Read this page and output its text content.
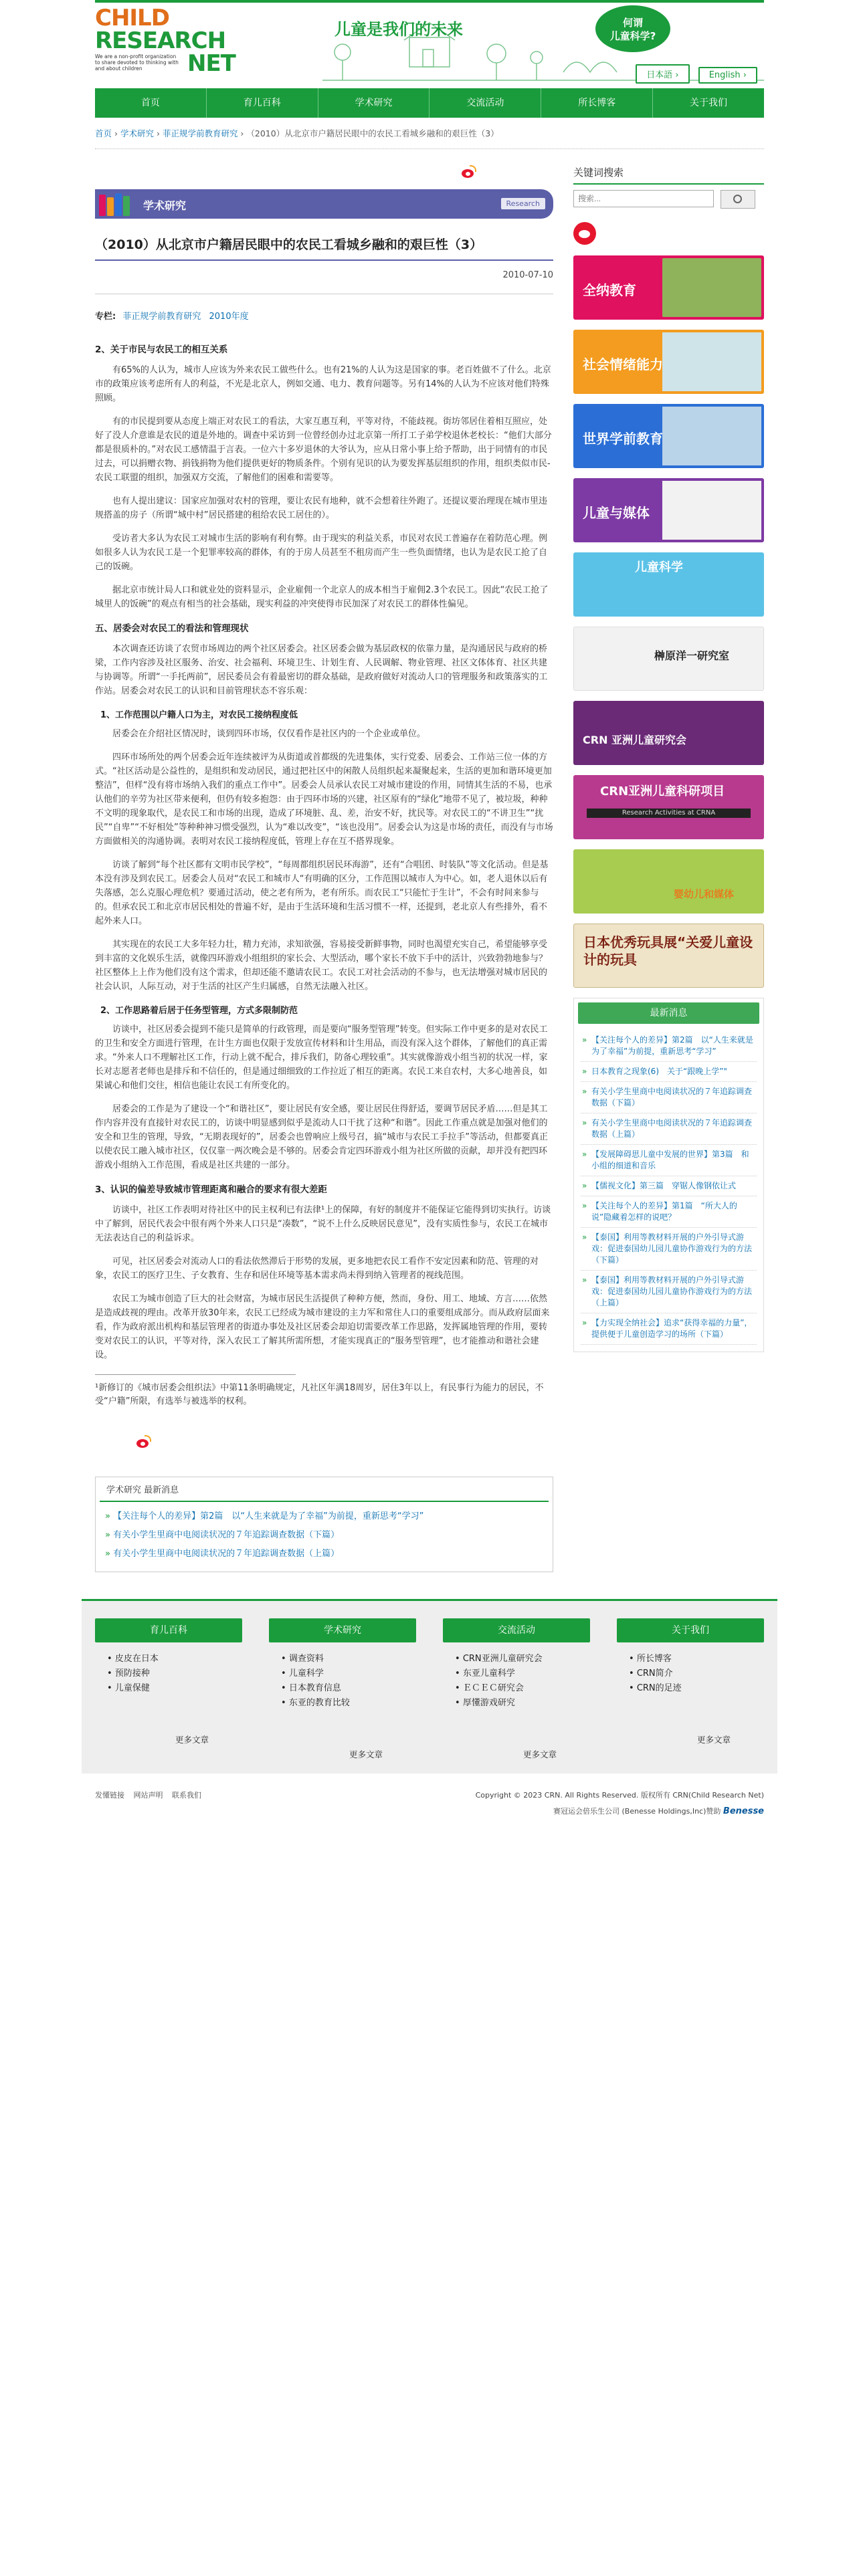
CHILD
RESEARCH
NET
We are a non-profit organization to share devoted to thinking with and about children
儿童是我们的未来	何谓
儿童科学?
日本語 ›	English ›
首页	育儿百科	学术研究	交流活动	所长博客	关于我们
首页 › 学术研究 › 菲正规学前教育研究 › （2010）从北京市户籍居民眼中的农民工看城乡融和的艰巨性（3）
学术研究	Research
（2010）从北京市户籍居民眼中的农民工看城乡融和的艰巨性（3）
2010-07-10
专栏: 菲正规学前教育研究 2010年度
2、关于市民与农民工的相互关系

有65%的人认为，城市人应该为外来农民工做些什么。也有21%的人认为这是国家的事。老百姓做不了什么。北京市的政策应该考虑所有人的利益，不光是北京人，例如交通、电力、教育问题等。另有14%的人认为不应该对他们特殊照顾。

有的市民提到要从态度上端正对农民工的看法，大家互惠互利，平等对待，不能歧视。街坊邻居住着相互照应，处好了没人介意谁是农民的道是外地的。调查中采访到一位曾经创办过北京第一所打工子弟学校退休老校长：“他们大部分都是很质朴的。”对农民工感情温于言表。一位六十多岁退休的大爷认为，应从日常小事上给予帮助，出于同情有的市民过去，可以捐赠衣物、捐钱捐物为他们提供更好的物质条件。个别有见识的认为要发挥基层组织的作用，组织类似市民-农民工联盟的组织，加强双方交流，了解他们的困难和需要等。

也有人提出建议：国家应加强对农村的管理，要让农民有地种，就不会想着往外跑了。还提议要治理现在城市里违规搭盖的房子（所谓“城中村”居民搭建的租给农民工居住的）。

受访者大多认为农民工对城市生活的影响有利有弊。由于现实的利益关系，市民对农民工普遍存在着防范心理。例如很多人认为农民工是一个犯罪率较高的群体，有的于房人员甚至不租房而产生一些负面情绪，也认为是农民工抢了自己的饭碗。

据北京市统计局人口和就业处的资料显示，企业雇佣一个北京人的成本相当于雇佣2.3个农民工。因此“农民工抢了城里人的饭碗”的观点有相当的社会基础，现实利益的冲突使得市民加深了对农民工的群体性偏见。

五、居委会对农民工的看法和管理现状

本次调查还访谈了农贸市场周边的两个社区居委会。社区居委会做为基层政权的依靠力量，是沟通居民与政府的桥梁，工作内容涉及社区服务、治安、社会福利、环境卫生、计划生育、人民调解、物业管理、社区文体体育、社区共建与协调等。所谓“一手托两前”，居民委员会有着最密切的群众基础，是政府做好对流动人口的管理服务和政策落实的工作站。居委会对农民工的认识和目前管理状态不容乐观：

1、工作范围以户籍人口为主，对农民工接纳程度低

居委会在介绍社区情况时，谈到四环市场，仅仅看作是社区内的一个企业或单位。

四环市场所处的两个居委会近年连续被评为从街道或首都级的先进集体，实行党委、居委会、工作站三位一体的方式。“社区活动是公益性的，是组织和发动居民，通过把社区中的闲散人员组织起来凝聚起来，生活的更加和谐环境更加整洁”，但样“没有将市场纳入我们的重点工作中”。居委会人员承认农民工对城市建设的作用，同情其生活的不易，也承认他们的辛劳为社区带来便利，但仍有较多抱怨：由于四环市场的兴建，社区原有的“绿化”地带不见了，被垃圾，种种不文明的现象取代，是农民工和市场的出现，造成了环境脏、乱、差，治安不好，扰民等。对农民工的“不讲卫生”“扰民”“自卑”“不好相处”等种种神习惯受强烈，认为“难以改变”，“该也没用”。居委会认为这是市场的责任，而没有与市场方面做相关的沟通协调。表明对农民工接纳程度低，管理上存在互不搭界现象。

访谈了解到“每个社区都有文明市民学校”，“每周都组织居民环海游”，还有“合唱团、时装队”等文化活动。但是基本没有涉及到农民工。居委会人员对“农民工和城市人“有明确的区分，工作范围以城市人为中心。如，老人退休以后有失落感，怎么克服心理危机？要通过活动，使之老有所为，老有所乐。而农民工“只能忙于生计”，不会有时间来参与的。但承农民工和北京市居民相处的普遍不好，是由于生活环境和生活习惯不一样，还提到，老北京人有些排外，看不起外来人口。

其实现在的农民工大多年轻力壮，精力充沛，求知欲强，容易接受新鲜事物，同时也渴望充实自己，希望能够享受到丰富的文化娱乐生活，就像四环游戏小组组织的家长会、大型活动，哪个家长不放下手中的活计，兴致勃勃地参与？社区整体上上作为他们没有这个需求，但却还能不邀请农民工。农民工对社会活动的不参与，也无法增强对城市居民的社会认识，人际互动，对于生活的社区产生归属感，自然无法融入社区。

2、工作思路着后居于任务型管理，方式多限制防范

访谈中，社区居委会提到不能只是简单的行政管理，而是要向“服务型管理”转变。但实际工作中更多的是对农民工的卫生和安全方面进行管理，在计生方面也仅限于发放宣传材料和计生用品，而没有深入这个群体，了解他们的真正需求。“外来人口不理解社区工作，行动上就不配合，排斥我们，防备心理较重”。其实就像游戏小组当初的状况一样，家长对志愿者老师也是排斥和不信任的，但是通过细细致的工作拉近了相互的距离。农民工来自农村，大多心地善良，如果诚心和他们交往，相信也能让农民工有所变化的。

居委会的工作是为了建设一个“和谐社区”，要让居民有安全感，要让居民住得舒适，要调节居民矛盾……但是其工作内容并没有直接针对农民工的，访谈中明显感到似乎是流动人口干扰了这种“和谐”。因此工作重点就是加强对他们的安全和卫生的管理，导致，“无期表现好的”，居委会也曾响应上级号召，搞“城市与农民工手拉手”等活动，但都要真正以使农民工融入城市社区，仅仅靠一两次晚会是不够的。居委会肯定四环游戏小组为社区所做的贡献，却并没有把四环游戏小组纳入工作范围，看成是社区共建的一部分。

3、认识的偏差导致城市管理距离和融合的要求有很大差距

访谈中，社区工作表明对待社区中的民主权利已有法律¹上的保障，有好的制度并不能保证它能得到切实执行。访谈中了解到，居民代表会中很有两个外来人口只是“凑数”，“说不上什么反映居民意见”，没有实质性参与，农民工在城市无法表达自己的利益诉求。

可见，社区居委会对流动人口的看法依然滞后于形势的发展，更多地把农民工看作不安定因素和防范、管理的对象，农民工的医疗卫生、子女教育、生存和居住环境等基本需求尚未得到纳入管理者的视线范围。

农民工为城市创造了巨大的社会财富，为城市居民生活提供了种种方便，然而，身份、用工、地域、方言……依然是造成歧视的理由。改革开放30年来，农民工已经成为城市建设的主力军和常住人口的重要组成部分。而从政府层面来看，作为政府派出机构和基层管理者的街道办事处及社区居委会却迫切需要改革工作思路，发挥属地管理的作用，要转变对农民工的认识，平等对待，深入农民工了解其所需所想，才能实现真正的“服务型管理”，也才能推动和谐社会建设。

¹新修订的《城市居委会组织法》中第11条明确规定，凡社区年满18周岁，居住3年以上，有民事行为能力的居民，不受“户籍”所限，有选举与被选举的权利。
学术研究 最新消息
» 【关注每个人的差异】第2篇　以“人生来就是为了幸福”为前提，重新思考“学习”
» 有关小学生里商中电阅读状况的７年追踪调查数据（下篇）
» 有关小学生里商中电阅读状况的７年追踪调查数据（上篇）
关键词搜索
搜索...
全纳教育
社会情绪能力
世界学前教育
儿童与媒体
儿童科学
榊原洋一研究室
CRN 亚洲儿童研究会
CRN亚洲儿童科研项目
Research Activities at CRNA
婴幼儿和媒体
日本优秀玩具展“关爱儿童设计的玩具
最新消息
» 【关注每个人的差异】第2篇　以“人生来就是为了幸福”为前提，重新思考“学习”
» 日本教育之现象(6)　关于“跟晚上学”"
» 有关小学生里商中电阅读状况的７年追踪调查数据（下篇）
» 有关小学生里商中电阅读状况的７年追踪调查数据（上篇）
» 【发展障碍思儿童中发展的世界】第3篇　和小组的细道和音乐
» 【儒视文化】第三篇　穿锯人像钢依让式
» 【关注每个人的差异】第1篇　“所大人的说”隐藏着怎样的说吧？
» 【泰国】利用等教材料开展的户外引导式游戏：促进泰国幼儿园儿童协作游戏行为的方法（下篇）
» 【泰国】利用等教材料开展的户外引导式游戏：促进泰国幼儿园儿童协作游戏行为的方法（上篇）
» 【力实现全纳社会】追求“获得幸福的力量”，提供便于儿童创造学习的场所（下篇）
育儿百科
• 皮皮在日本
• 预防接种
• 儿童保健
更多文章
学术研究
• 调查资料
• 儿童科学
• 日本教育信息
• 东亚的教育比较
更多文章
交流活动
• CRN亚洲儿童研究会
• 东亚儿童科学
• ＥＣＥＣ研究会
• 厚懂游戏研究
更多文章
关于我们
• 所长博客
• CRN简介
• CRN的足迹
更多文章
发懂链接 网站声明 联系我们	Copyright © 2023 CRN. All Rights Reserved. 版权所有 CRN(Child Research Net)
赛冠运会倍乐生公司 (Benesse Holdings,Inc)赞助 Benesse
